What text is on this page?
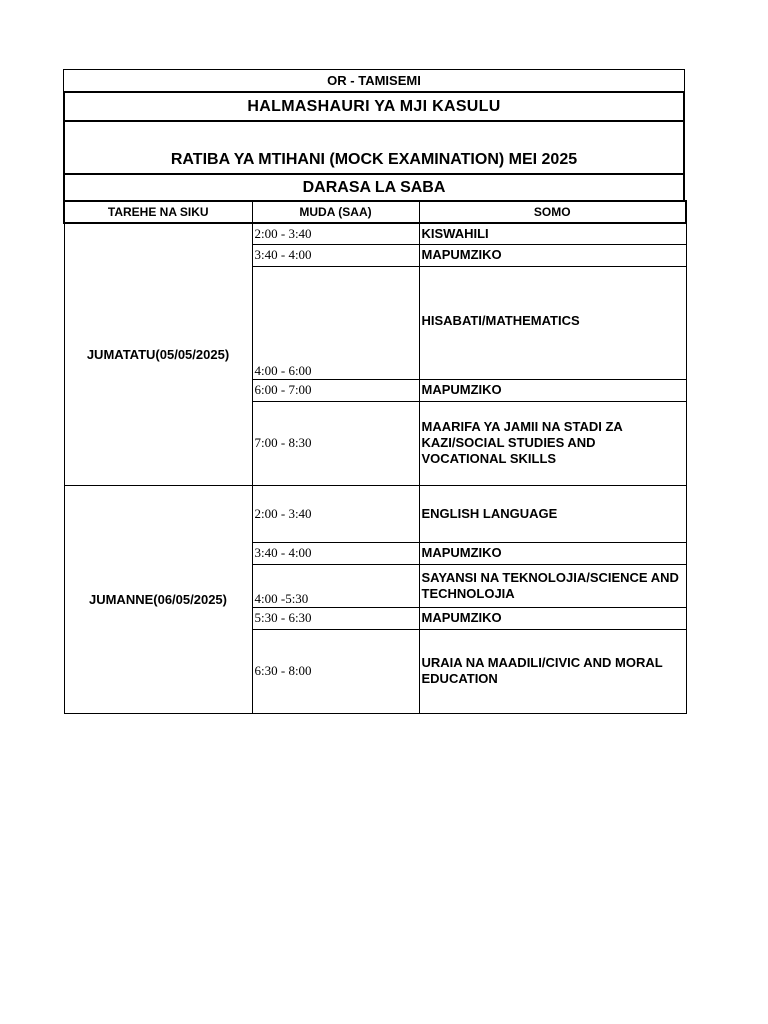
OR - TAMISEMI
HALMASHAURI YA MJI KASULU
RATIBA YA MTIHANI (MOCK EXAMINATION) MEI 2025
DARASA LA SABA
TAREHE NA SIKU	MUDA (SAA)	SOMO
JUMATATU(05/05/2025)	2:00 - 3:40	KISWAHILI
	3:40 - 4:00	MAPUMZIKO
	4:00 - 6:00	HISABATI/MATHEMATICS
	6:00 - 7:00	MAPUMZIKO
	7:00 - 8:30	MAARIFA YA JAMII NA STADI ZA KAZI/SOCIAL STUDIES AND VOCATIONAL SKILLS
JUMANNE(06/05/2025)	2:00 - 3:40	ENGLISH LANGUAGE
	3:40 - 4:00	MAPUMZIKO
	4:00 -5:30	SAYANSI NA TEKNOLOJIA/SCIENCE AND TECHNOLOJIA
	5:30 - 6:30	MAPUMZIKO
	6:30 - 8:00	URAIA NA MAADILI/CIVIC AND MORAL EDUCATION
